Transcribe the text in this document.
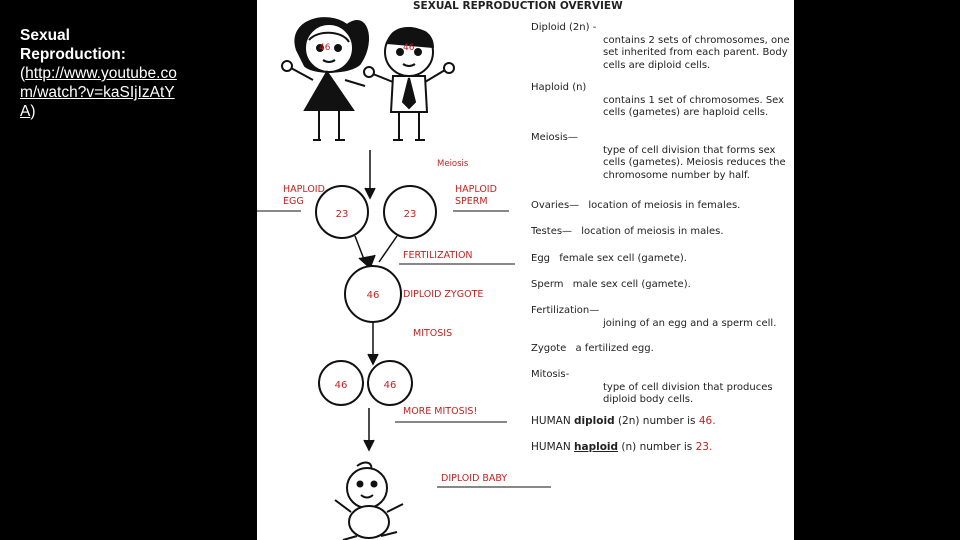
Sexual Reproduction:
(http://www.youtube.com/watch?v=kaSIjIzAtYA)
SEXUAL REPRODUCTION OVERVIEW
46	46
Meiosis
HAPLOID
EGG
HAPLOID
SPERM
23	23
FERTILIZATION
46 DIPLOID ZYGOTE
MITOSIS
46	46
MORE MITOSIS!
DIPLOID BABY

Diploid (2n) -
contains 2 sets of chromosomes, one set inherited from each parent. Body cells are diploid cells.

Haploid (n)
contains 1 set of chromosomes. Sex cells (gametes) are haploid cells.

Meiosis—
type of cell division that forms sex cells (gametes). Meiosis reduces the chromosome number by half.

Ovaries— location of meiosis in females.

Testes— location of meiosis in males.

Egg female sex cell (gamete).

Sperm male sex cell (gamete).

Fertilization—
joining of an egg and a sperm cell.

Zygote a fertilized egg.

Mitosis-
type of cell division that produces diploid body cells.

HUMAN diploid (2n) number is 46.

HUMAN haploid (n) number is 23.
